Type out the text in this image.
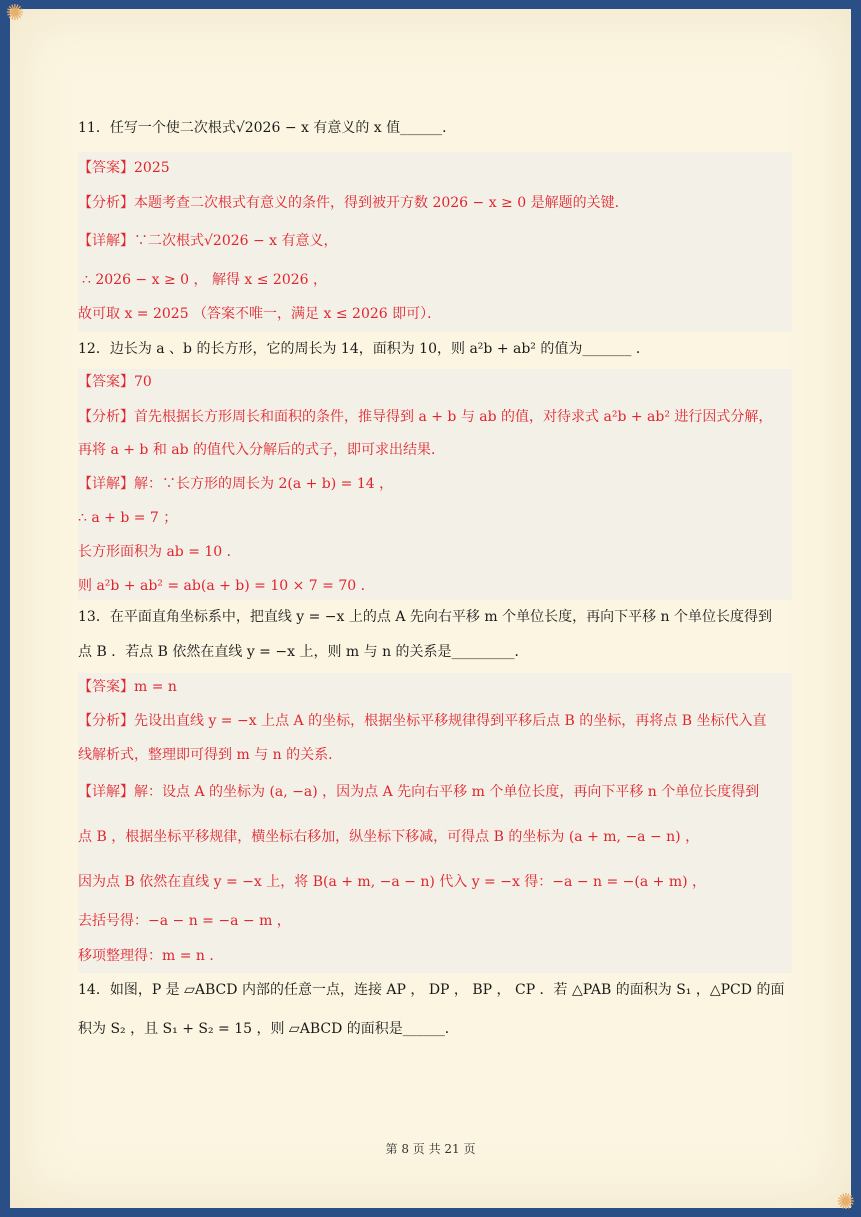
✺
✺
11．任写一个使二次根式√2026 − x 有意义的 x 值______．
【答案】2025
【分析】本题考查二次根式有意义的条件，得到被开方数 2026 − x ≥ 0 是解题的关键．
【详解】∵二次根式√2026 − x 有意义，
∴ 2026 − x ≥ 0 ， 解得 x ≤ 2026 ，
故可取 x = 2025 （答案不唯一，满足 x ≤ 2026 即可）．
12．边长为 a 、b 的长方形，它的周长为 14，面积为 10，则 a²b + ab² 的值为_______ ．
【答案】70
【分析】首先根据长方形周长和面积的条件，推导得到 a + b 与 ab 的值，对待求式 a²b + ab² 进行因式分解，
再将 a + b 和 ab 的值代入分解后的式子，即可求出结果．
【详解】解：∵长方形的周长为 2(a + b) = 14 ，
∴ a + b = 7 ；
长方形面积为 ab = 10 ．
则 a²b + ab² = ab(a + b) = 10 × 7 = 70 ．
13．在平面直角坐标系中，把直线 y = −x 上的点 A 先向右平移 m 个单位长度，再向下平移 n 个单位长度得到
点 B ．若点 B 依然在直线 y = −x 上，则 m 与 n 的关系是_________．
【答案】m = n
【分析】先设出直线 y = −x 上点 A 的坐标，根据坐标平移规律得到平移后点 B 的坐标，再将点 B 坐标代入直
线解析式，整理即可得到 m 与 n 的关系．
【详解】解：设点 A 的坐标为 (a, −a) ，因为点 A 先向右平移 m 个单位长度，再向下平移 n 个单位长度得到
点 B ，根据坐标平移规律，横坐标右移加，纵坐标下移减，可得点 B 的坐标为 (a + m, −a − n) ，
因为点 B 依然在直线 y = −x 上，将 B(a + m, −a − n) 代入 y = −x 得：−a − n = −(a + m) ，
去括号得：−a − n = −a − m ，
移项整理得：m = n ．
14．如图，P 是 ▱ABCD 内部的任意一点，连接 AP ， DP ， BP ， CP ．若 △PAB 的面积为 S₁ ，△PCD 的面
积为 S₂ ，且 S₁ + S₂ = 15 ，则 ▱ABCD 的面积是______．
第 8 页 共 21 页
